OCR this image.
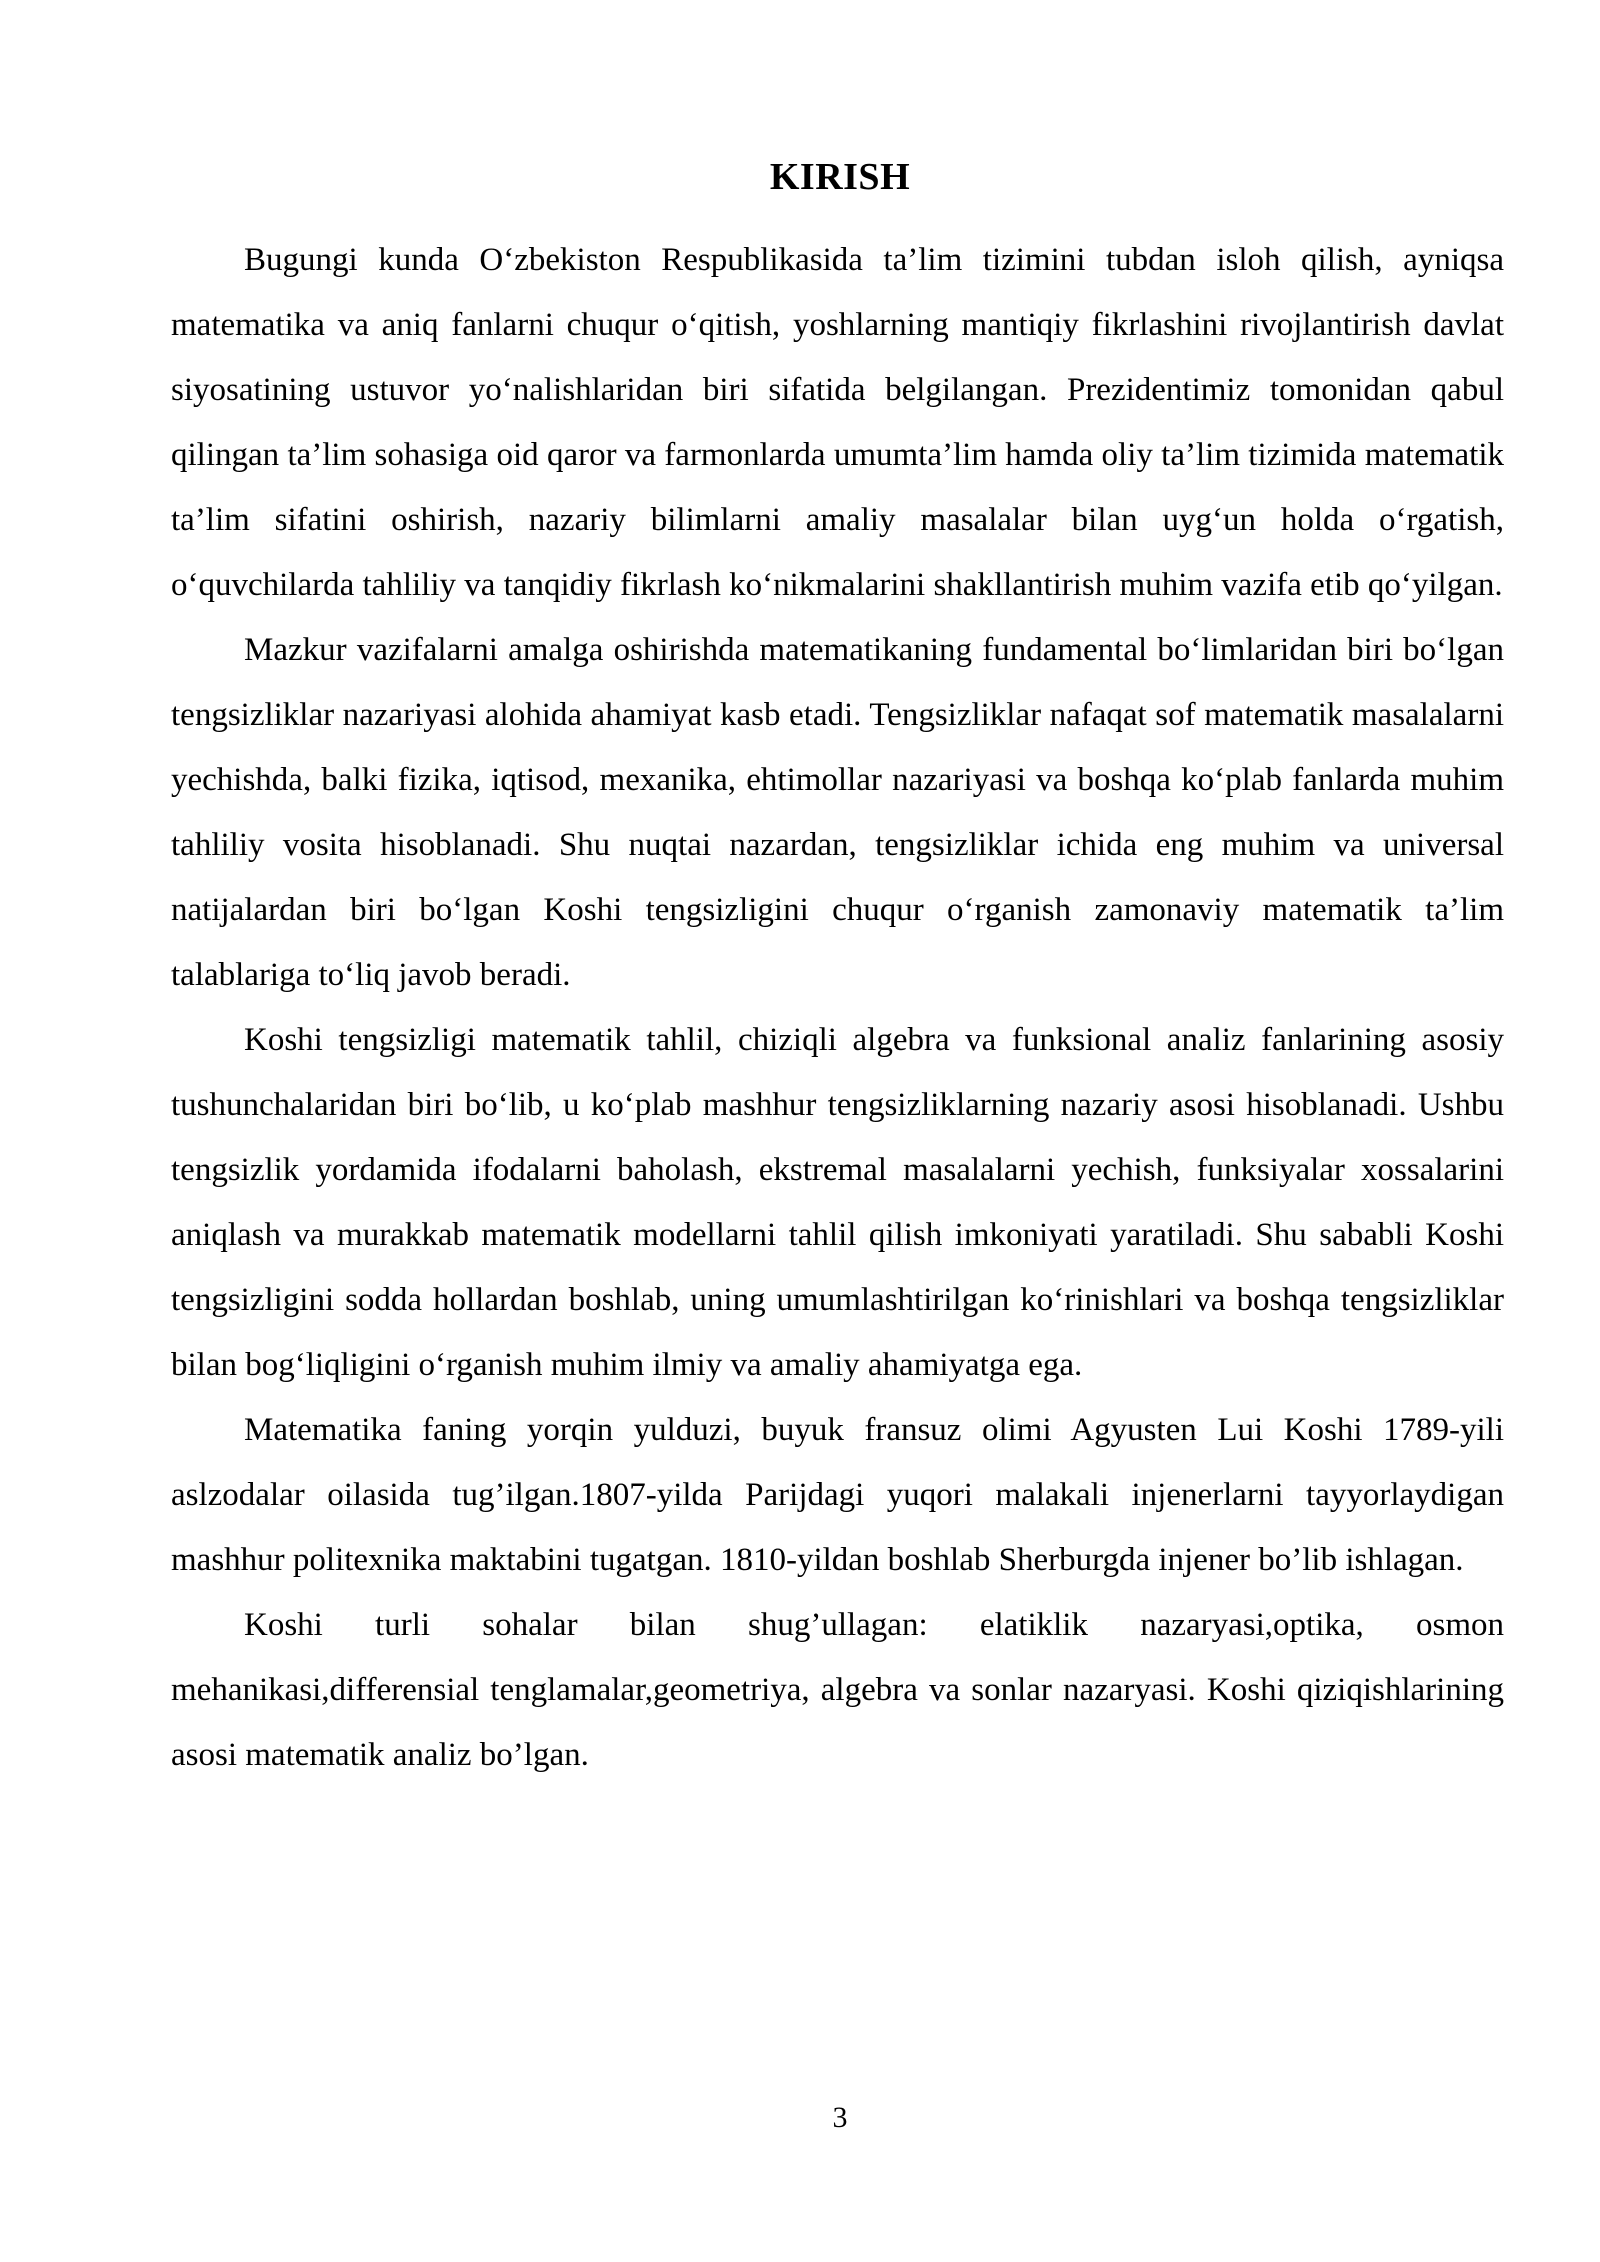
KIRISH

Bugungi kunda O‘zbekiston Respublikasida ta’lim tizimini tubdan isloh qilish, ayniqsa matematika va aniq fanlarni chuqur o‘qitish, yoshlarning mantiqiy fikrlashini rivojlantirish davlat siyosatining ustuvor yo‘nalishlaridan biri sifatida belgilangan. Prezidentimiz tomonidan qabul qilingan ta’lim sohasiga oid qaror va farmonlarda umumta’lim hamda oliy ta’lim tizimida matematik ta’lim sifatini oshirish, nazariy bilimlarni amaliy masalalar bilan uyg‘un holda o‘rgatish, o‘quvchilarda tahliliy va tanqidiy fikrlash ko‘nikmalarini shakllantirish muhim vazifa etib qo‘yilgan.

Mazkur vazifalarni amalga oshirishda matematikaning fundamental bo‘limlaridan biri bo‘lgan tengsizliklar nazariyasi alohida ahamiyat kasb etadi. Tengsizliklar nafaqat sof matematik masalalarni yechishda, balki fizika, iqtisod, mexanika, ehtimollar nazariyasi va boshqa ko‘plab fanlarda muhim tahliliy vosita hisoblanadi. Shu nuqtai nazardan, tengsizliklar ichida eng muhim va universal natijalardan biri bo‘lgan Koshi tengsizligini chuqur o‘rganish zamonaviy matematik ta’lim talablariga to‘liq javob beradi.

Koshi tengsizligi matematik tahlil, chiziqli algebra va funksional analiz fanlarining asosiy tushunchalaridan biri bo‘lib, u ko‘plab mashhur tengsizliklarning nazariy asosi hisoblanadi. Ushbu tengsizlik yordamida ifodalarni baholash, ekstremal masalalarni yechish, funksiyalar xossalarini aniqlash va murakkab matematik modellarni tahlil qilish imkoniyati yaratiladi. Shu sababli Koshi tengsizligini sodda hollardan boshlab, uning umumlashtirilgan ko‘rinishlari va boshqa tengsizliklar bilan bog‘liqligini o‘rganish muhim ilmiy va amaliy ahamiyatga ega.

Matematika faning yorqin yulduzi, buyuk fransuz olimi Agyusten Lui Koshi 1789-yili aslzodalar oilasida tug’ilgan.1807-yilda Parijdagi yuqori malakali injenerlarni tayyorlaydigan mashhur politexnika maktabini tugatgan. 1810-yildan boshlab Sherburgda injener bo’lib ishlagan.

Koshi turli sohalar bilan shug’ullagan: elatiklik nazaryasi,optika, osmon mehanikasi,differensial tenglamalar,geometriya, algebra va sonlar nazaryasi. Koshi qiziqishlarining asosi matematik analiz bo’lgan.

3
